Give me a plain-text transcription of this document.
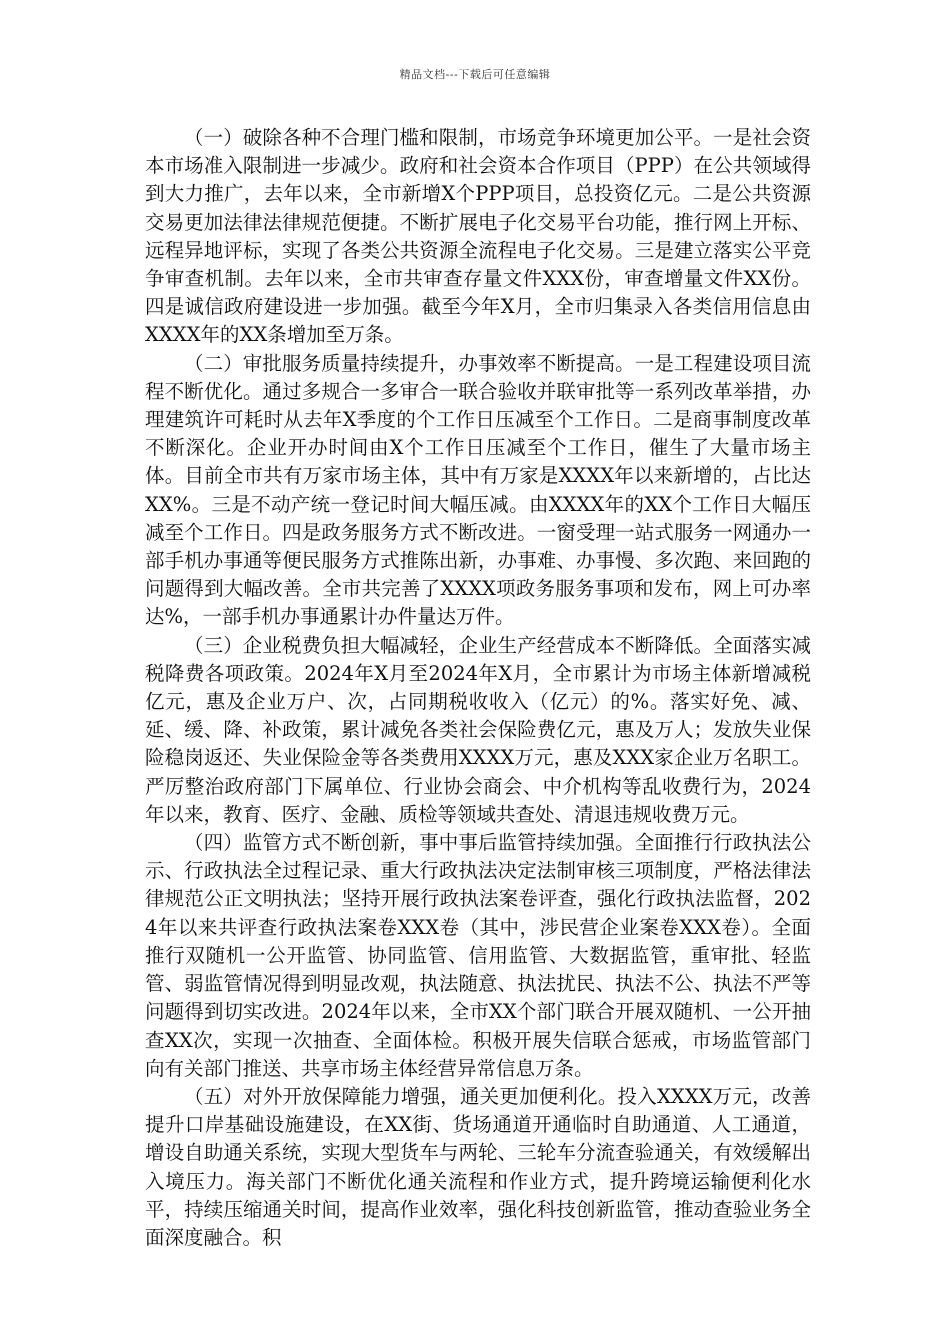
精品文档---下载后可任意编辑

（一）破除各种不合理门槛和限制，市场竞争环境更加公平。一是社会资本市场准入限制进一步减少。政府和社会资本合作项目（PPP）在公共领域得到大力推广，去年以来，全市新增X个PPP项目，总投资亿元。二是公共资源交易更加法律法律规范便捷。不断扩展电子化交易平台功能，推行网上开标、远程异地评标，实现了各类公共资源全流程电子化交易。三是建立落实公平竞争审查机制。去年以来，全市共审查存量文件XXX份，审查增量文件XX份。四是诚信政府建设进一步加强。截至今年X月，全市归集录入各类信用信息由XXXX年的XX条增加至万条。

（二）审批服务质量持续提升，办事效率不断提高。一是工程建设项目流程不断优化。通过多规合一多审合一联合验收并联审批等一系列改革举措，办理建筑许可耗时从去年X季度的个工作日压减至个工作日。二是商事制度改革不断深化。企业开办时间由X个工作日压减至个工作日，催生了大量市场主体。目前全市共有万家市场主体，其中有万家是XXXX年以来新增的，占比达XX%。三是不动产统一登记时间大幅压减。由XXXX年的XX个工作日大幅压减至个工作日。四是政务服务方式不断改进。一窗受理一站式服务一网通办一部手机办事通等便民服务方式推陈出新，办事难、办事慢、多次跑、来回跑的问题得到大幅改善。全市共完善了XXXX项政务服务事项和发布，网上可办率达%，一部手机办事通累计办件量达万件。

（三）企业税费负担大幅减轻，企业生产经营成本不断降低。全面落实减税降费各项政策。2024年X月至2024年X月，全市累计为市场主体新增减税亿元，惠及企业万户、次，占同期税收收入（亿元）的%。落实好免、减、延、缓、降、补政策，累计减免各类社会保险费亿元，惠及万人；发放失业保险稳岗返还、失业保险金等各类费用XXXX万元，惠及XXX家企业万名职工。严厉整治政府部门下属单位、行业协会商会、中介机构等乱收费行为，2024年以来，教育、医疗、金融、质检等领域共查处、清退违规收费万元。

（四）监管方式不断创新，事中事后监管持续加强。全面推行行政执法公示、行政执法全过程记录、重大行政执法决定法制审核三项制度，严格法律法律规范公正文明执法；坚持开展行政执法案卷评查，强化行政执法监督，2024年以来共评查行政执法案卷XXX卷（其中，涉民营企业案卷XXX卷）。全面推行双随机一公开监管、协同监管、信用监管、大数据监管，重审批、轻监管、弱监管情况得到明显改观，执法随意、执法扰民、执法不公、执法不严等问题得到切实改进。2024年以来，全市XX个部门联合开展双随机、一公开抽查XX次，实现一次抽查、全面体检。积极开展失信联合惩戒，市场监管部门向有关部门推送、共享市场主体经营异常信息万条。

（五）对外开放保障能力增强，通关更加便利化。投入XXXX万元，改善提升口岸基础设施建设，在XX街、货场通道开通临时自助通道、人工通道，增设自助通关系统，实现大型货车与两轮、三轮车分流查验通关，有效缓解出入境压力。海关部门不断优化通关流程和作业方式，提升跨境运输便利化水平，持续压缩通关时间，提高作业效率，强化科技创新监管，推动查验业务全面深度融合。积
